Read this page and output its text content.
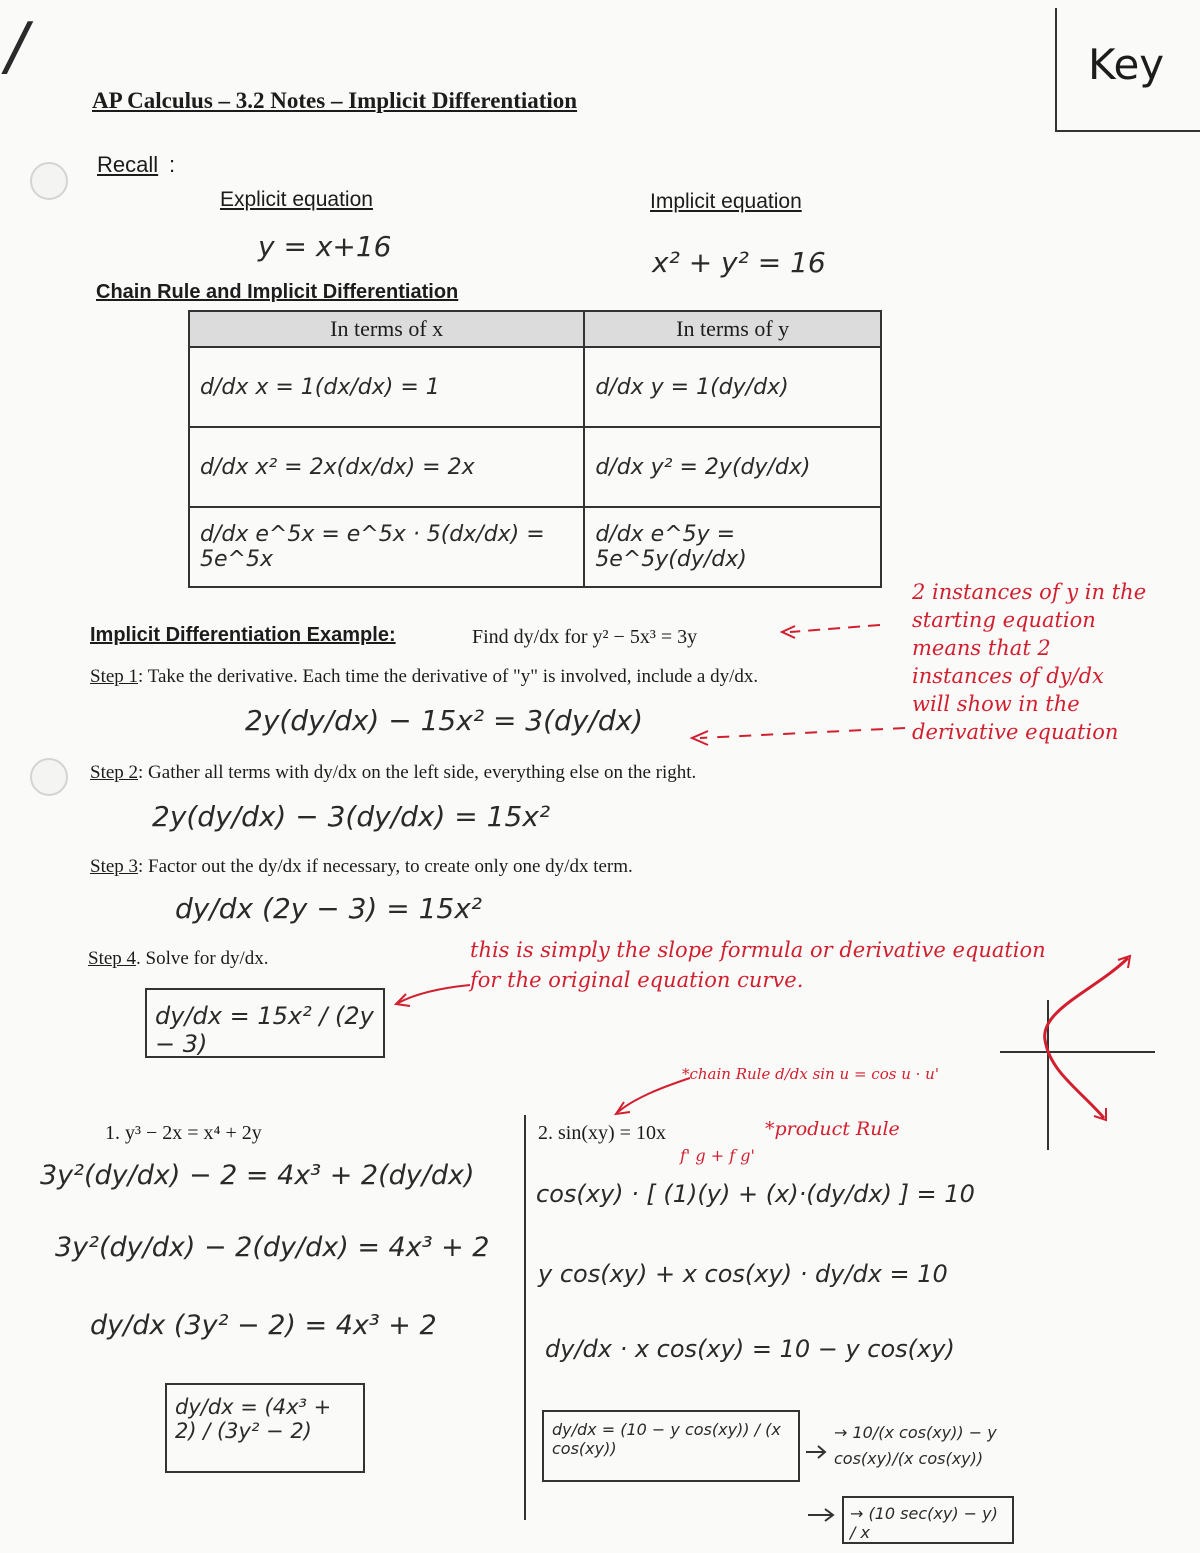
/	Key
AP Calculus – 3.2 Notes – Implicit Differentiation
Recall :
Explicit equation
y = x+16
Implicit equation
x² + y² = 16
Chain Rule and Implicit Differentiation
In terms of x	In terms of y
d/dx x = 1(dx/dx) = 1	d/dx y = 1(dy/dx)
d/dx x² = 2x(dx/dx) = 2x	d/dx y² = 2y(dy/dx)
d/dx e^5x = e^5x · 5(dx/dx) = 5e^5x	d/dx e^5y = 5e^5y(dy/dx)
Implicit Differentiation Example:	Find dy/dx for y² − 5x³ = 3y
Step 1: Take the derivative. Each time the derivative of "y" is involved, include a dy/dx.
2y(dy/dx) − 15x² = 3(dy/dx)
Step 2: Gather all terms with dy/dx on the left side, everything else on the right.
2y(dy/dx) − 3(dy/dx) = 15x²
Step 3: Factor out the dy/dx if necessary, to create only one dy/dx term.
dy/dx (2y − 3) = 15x²
Step 4. Solve for dy/dx.
dy/dx = 15x² / (2y − 3)
2 instances of y in the starting equation means that 2 instances of dy/dx will show in the derivative equation
this is simply the slope formula or derivative equation for the original equation curve.
*chain Rule d/dx sin u = cos u · u'
*product Rule
f' g + f g'
1. y³ − 2x = x⁴ + 2y
3y²(dy/dx) − 2 = 4x³ + 2(dy/dx)
3y²(dy/dx) − 2(dy/dx) = 4x³ + 2
dy/dx (3y² − 2) = 4x³ + 2
dy/dx = (4x³ + 2) / (3y² − 2)
2. sin(xy) = 10x
cos(xy) · [ (1)(y) + (x)·(dy/dx) ] = 10
y cos(xy) + x cos(xy) · dy/dx = 10
dy/dx · x cos(xy) = 10 − y cos(xy)
dy/dx = (10 − y cos(xy)) / (x cos(xy))
→ 10/(x cos(xy)) − y cos(xy)/(x cos(xy))
→ (10 sec(xy) − y) / x
